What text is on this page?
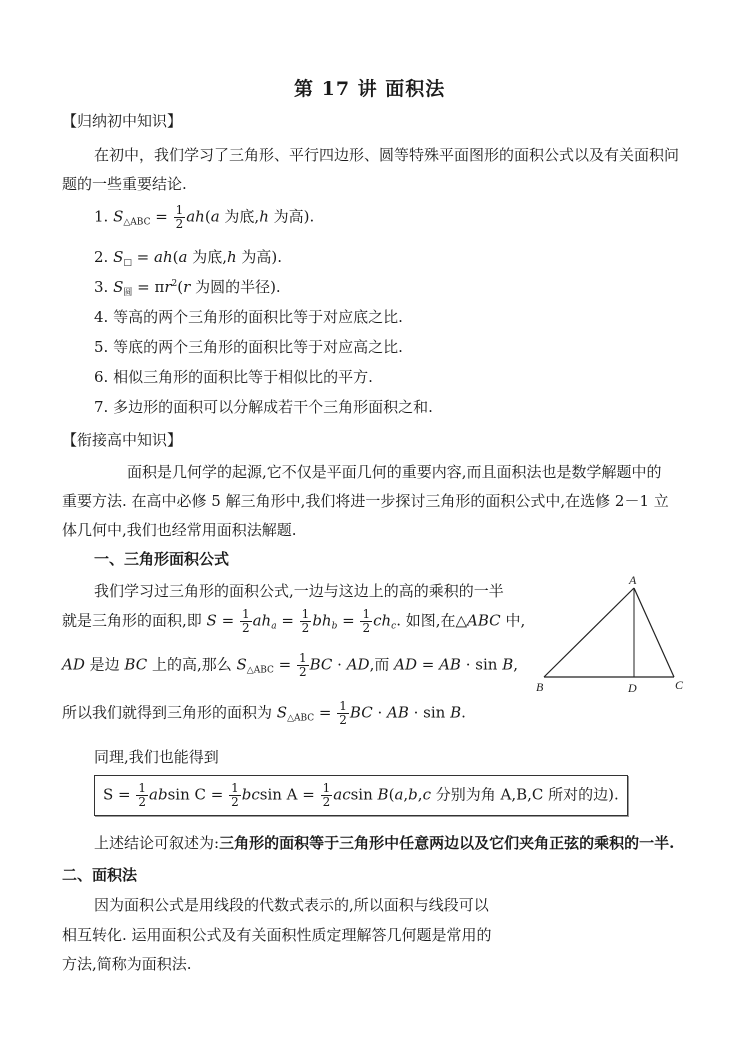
第 17 讲 面积法
【归纳初中知识】
在初中，我们学习了三角形、平行四边形、圆等特殊平面图形的面积公式以及有关面积问
题的一些重要结论.
1. $S_{\triangle ABC} = \frac{1}{2} ah(a$ 为底,h 为高).
2. $S_□ = ah(a$ 为底,h 为高).
3. $S_圆 = \pi r^2(r$ 为圆的半径).
4. 等高的两个三角形的面积比等于对应底之比.
5. 等底的两个三角形的面积比等于对应高之比.
6. 相似三角形的面积比等于相似比的平方.
7. 多边形的面积可以分解成若干个三角形面积之和.
【衔接高中知识】
面积是几何学的起源,它不仅是平面几何的重要内容,而且面积法也是数学解题中的
重要方法. 在高中必修 5 解三角形中,我们将进一步探讨三角形的面积公式中,在选修 2－1 立
体几何中,我们也经常用面积法解题.
一、三角形面积公式
我们学习过三角形的面积公式,一边与这边上的高的乘积的一半
就是三角形的面积,即 $S = \frac{1}{2} ah_a = \frac{1}{2} bh_b = \frac{1}{2} ch_c$. 如图,在△ABC 中,
AD 是边 BC 上的高,那么 $S_{\triangle ABC} = \frac{1}{2}$ BC · AD,而 AD = AB · sin B,
所以我们就得到三角形的面积为 $S_{\triangle ABC} = \frac{1}{2}$ BC · AB · sin B.
同理,我们也能得到
$S = \frac{1}{2}$ absin $C = \frac{1}{2}$ bcsin $A = \frac{1}{2}$ acsin B(a,b,c 分别为角 A,B,C 所对的边).
上述结论可叙述为:三角形的面积等于三角形中任意两边以及它们夹角正弦的乘积的一半.
二、面积法
因为面积公式是用线段的代数式表示的,所以面积与线段可以
相互转化. 运用面积公式及有关面积性质定理解答几何题是常用的
方法,简称为面积法.
A
B	C
D
